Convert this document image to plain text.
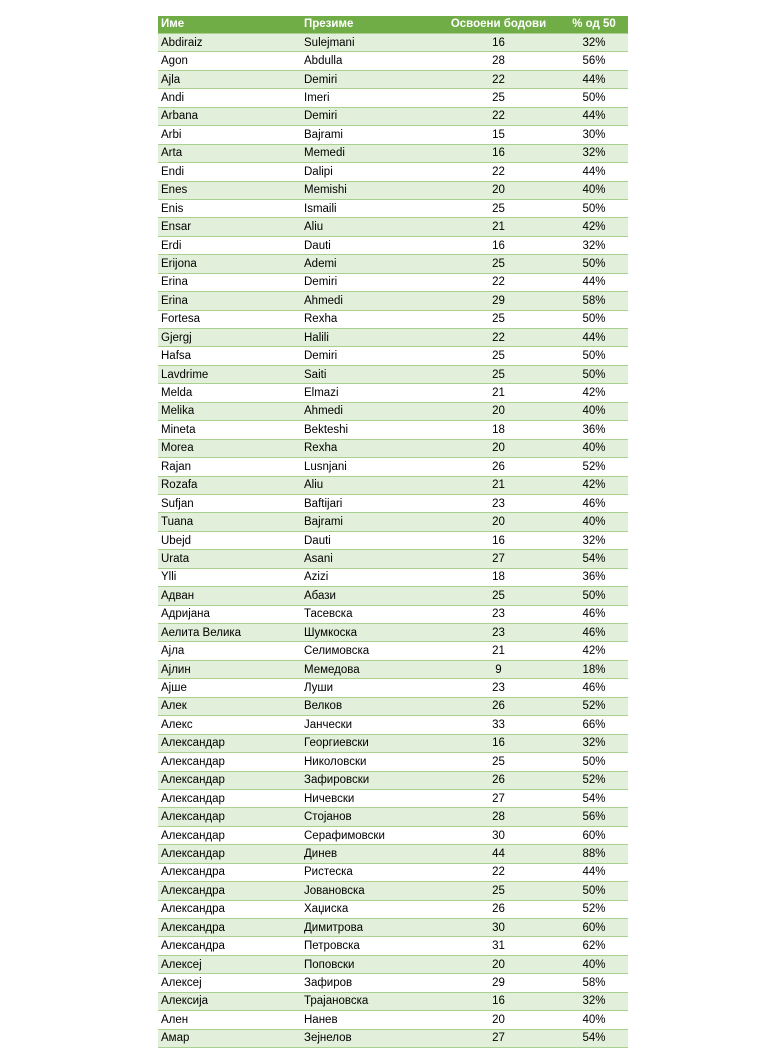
Име	Презиме	Освоени бодови	% од 50
Abdiraiz	Sulejmani	16	32%
Agon	Abdulla	28	56%
Ajla	Demiri	22	44%
Andi	Imeri	25	50%
Arbana	Demiri	22	44%
Arbi	Bajrami	15	30%
Arta	Memedi	16	32%
Endi	Dalipi	22	44%
Enes	Memishi	20	40%
Enis	Ismaili	25	50%
Ensar	Aliu	21	42%
Erdi	Dauti	16	32%
Erijona	Ademi	25	50%
Erina	Demiri	22	44%
Erina	Ahmedi	29	58%
Fortesa	Rexha	25	50%
Gjergj	Halili	22	44%
Hafsa	Demiri	25	50%
Lavdrime	Saiti	25	50%
Melda	Elmazi	21	42%
Melika	Ahmedi	20	40%
Mineta	Bekteshi	18	36%
Morea	Rexha	20	40%
Rajan	Lusnjani	26	52%
Rozafa	Aliu	21	42%
Sufjan	Baftijari	23	46%
Tuana	Bajrami	20	40%
Ubejd	Dauti	16	32%
Urata	Asani	27	54%
Ylli	Azizi	18	36%
Адван	Абази	25	50%
Адријана	Тасевска	23	46%
Аелита Велика	Шумкоска	23	46%
Ајла	Селимовска	21	42%
Ајлин	Мемедова	9	18%
Ајше	Луши	23	46%
Алек	Велков	26	52%
Алекс	Јанчески	33	66%
Александар	Георгиевски	16	32%
Александар	Николовски	25	50%
Александар	Зафировски	26	52%
Александар	Ничевски	27	54%
Александар	Стојанов	28	56%
Александар	Серафимовски	30	60%
Александар	Динев	44	88%
Александра	Ристеска	22	44%
Александра	Јовановска	25	50%
Александра	Хаџиска	26	52%
Александра	Димитрова	30	60%
Александра	Петровска	31	62%
Алексеј	Поповски	20	40%
Алексеј	Зафиров	29	58%
Алексија	Трајановска	16	32%
Ален	Нанев	20	40%
Амар	Зејнелов	27	54%
